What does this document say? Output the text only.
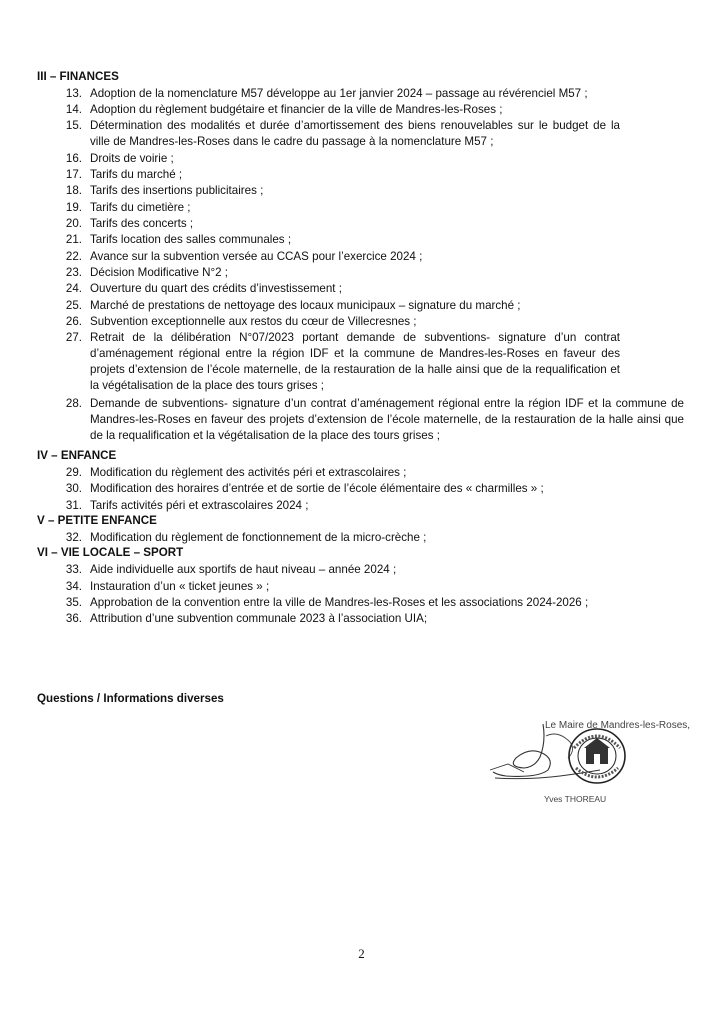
III – FINANCES
13. Adoption de la nomenclature M57 développe au 1er janvier 2024 – passage au révérenciel M57 ;
14. Adoption du règlement budgétaire et financier de la ville de Mandres-les-Roses ;
15. Détermination des modalités et durée d’amortissement des biens renouvelables sur le budget de la ville de Mandres-les-Roses dans le cadre du passage à la nomenclature M57 ;
16. Droits de voirie ;
17. Tarifs du marché ;
18. Tarifs des insertions publicitaires ;
19. Tarifs du cimetière ;
20. Tarifs des concerts ;
21. Tarifs location des salles communales ;
22. Avance sur la subvention versée au CCAS pour l’exercice 2024 ;
23. Décision Modificative N°2 ;
24. Ouverture du quart des crédits d’investissement ;
25. Marché de prestations de nettoyage des locaux municipaux – signature du marché ;
26. Subvention exceptionnelle aux restos du cœur de Villecresnes ;
27. Retrait de la délibération N°07/2023 portant demande de subventions- signature d’un contrat d’aménagement régional entre la région IDF et la commune de Mandres-les-Roses en faveur des projets d’extension de l’école maternelle, de la restauration de la halle ainsi que de la requalification et la végétalisation de la place des tours grises ;
28. Demande de subventions- signature d’un contrat d’aménagement régional entre la région IDF et la commune de Mandres-les-Roses en faveur des projets d’extension de l’école maternelle, de la restauration de la halle ainsi que de la requalification et la végétalisation de la place des tours grises ;
IV – ENFANCE
29. Modification du règlement des activités péri et extrascolaires ;
30. Modification des horaires d’entrée et de sortie de l’école élémentaire des « charmilles » ;
31. Tarifs activités péri et extrascolaires 2024 ;
V – PETITE ENFANCE
32. Modification du règlement de fonctionnement de la micro-crèche ;
VI – VIE LOCALE – SPORT
33. Aide individuelle aux sportifs de haut niveau – année 2024 ;
34. Instauration d’un « ticket jeunes » ;
35. Approbation de la convention entre la ville de Mandres-les-Roses et les associations 2024-2026 ;
36. Attribution d’une subvention communale 2023 à l’association UIA;
Questions / Informations diverses
Le Maire de Mandres-les-Roses,
Yves THOREAU
2
